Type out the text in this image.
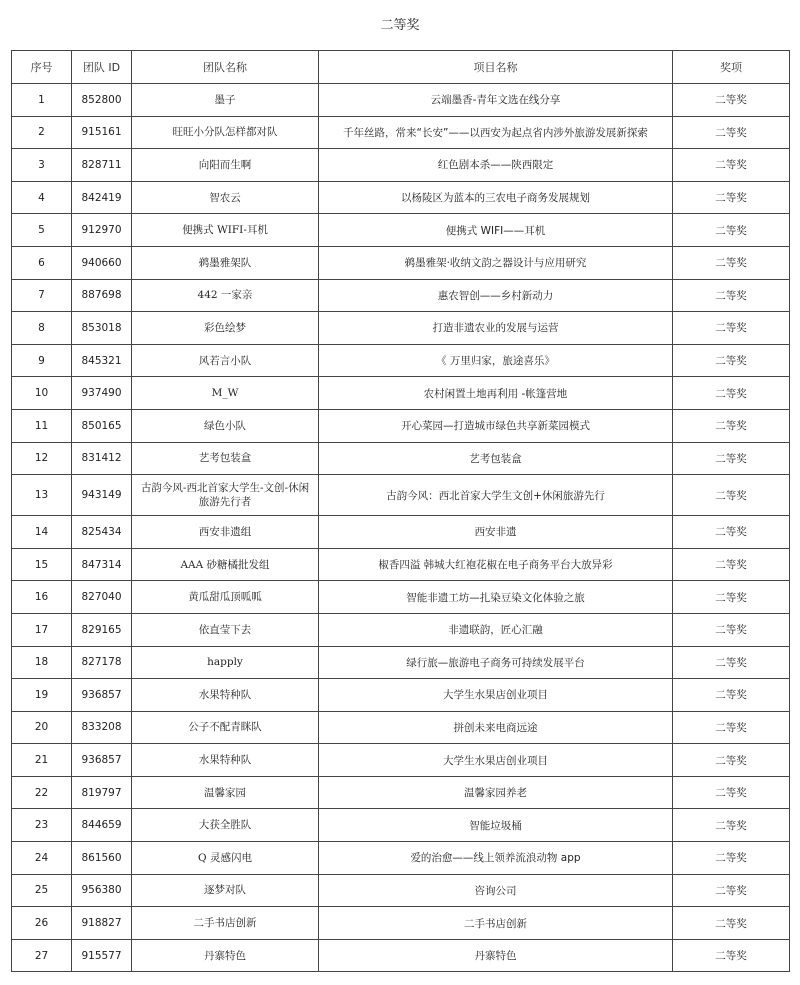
二等奖
序号	团队 ID	团队名称	项目名称	奖项
1	852800	墨子	云端墨香-青年文选在线分享	二等奖
2	915161	旺旺小分队怎样都对队	千年丝路，常来“长安”——以西安为起点省内涉外旅游发展新探索	二等奖
3	828711	向阳而生啊	红色剧本杀——陕西限定	二等奖
4	842419	智农云	以杨陵区为蓝本的三农电子商务发展规划	二等奖
5	912970	便携式 WIFI-耳机	便携式 WIFI——耳机	二等奖
6	940660	鹈墨雅架队	鹈墨雅架·收纳文韵之器设计与应用研究	二等奖
7	887698	442 一家亲	惠农智创——乡村新动力	二等奖
8	853018	彩色绘梦	打造非遗农业的发展与运营	二等奖
9	845321	风若言小队	《 万里归家，旅途喜乐》	二等奖
10	937490	M_W	农村闲置土地再利用 -帐篷营地	二等奖
11	850165	绿色小队	开心菜园—打造城市绿色共享新菜园模式	二等奖
12	831412	艺考包装盒	艺考包装盒	二等奖
13	943149	古韵今风-西北首家大学生-文创-休闲旅游先行者	古韵今风：西北首家大学生文创+休闲旅游先行	二等奖
14	825434	西安非遗组	西安非遗	二等奖
15	847314	AAA 砂糖橘批发组	椒香四溢 韩城大红袍花椒在电子商务平台大放异彩	二等奖
16	827040	黄瓜甜瓜顶呱呱	智能非遗工坊—扎染豆染文化体验之旅	二等奖
17	829165	依直莹下去	非遗联韵，匠心汇融	二等奖
18	827178	happly	绿行旅—旅游电子商务可持续发展平台	二等奖
19	936857	水果特种队	大学生水果店创业项目	二等奖
20	833208	公子不配青眯队	拼创未来电商远途	二等奖
21	936857	水果特种队	大学生水果店创业项目	二等奖
22	819797	温馨家园	温馨家园养老	二等奖
23	844659	大获全胜队	智能垃圾桶	二等奖
24	861560	Q 灵感闪电	爱的治愈——线上领养流浪动物 app	二等奖
25	956380	逐梦对队	咨询公司	二等奖
26	918827	二手书店创新	二手书店创新	二等奖
27	915577	丹寨特色	丹寨特色	二等奖
